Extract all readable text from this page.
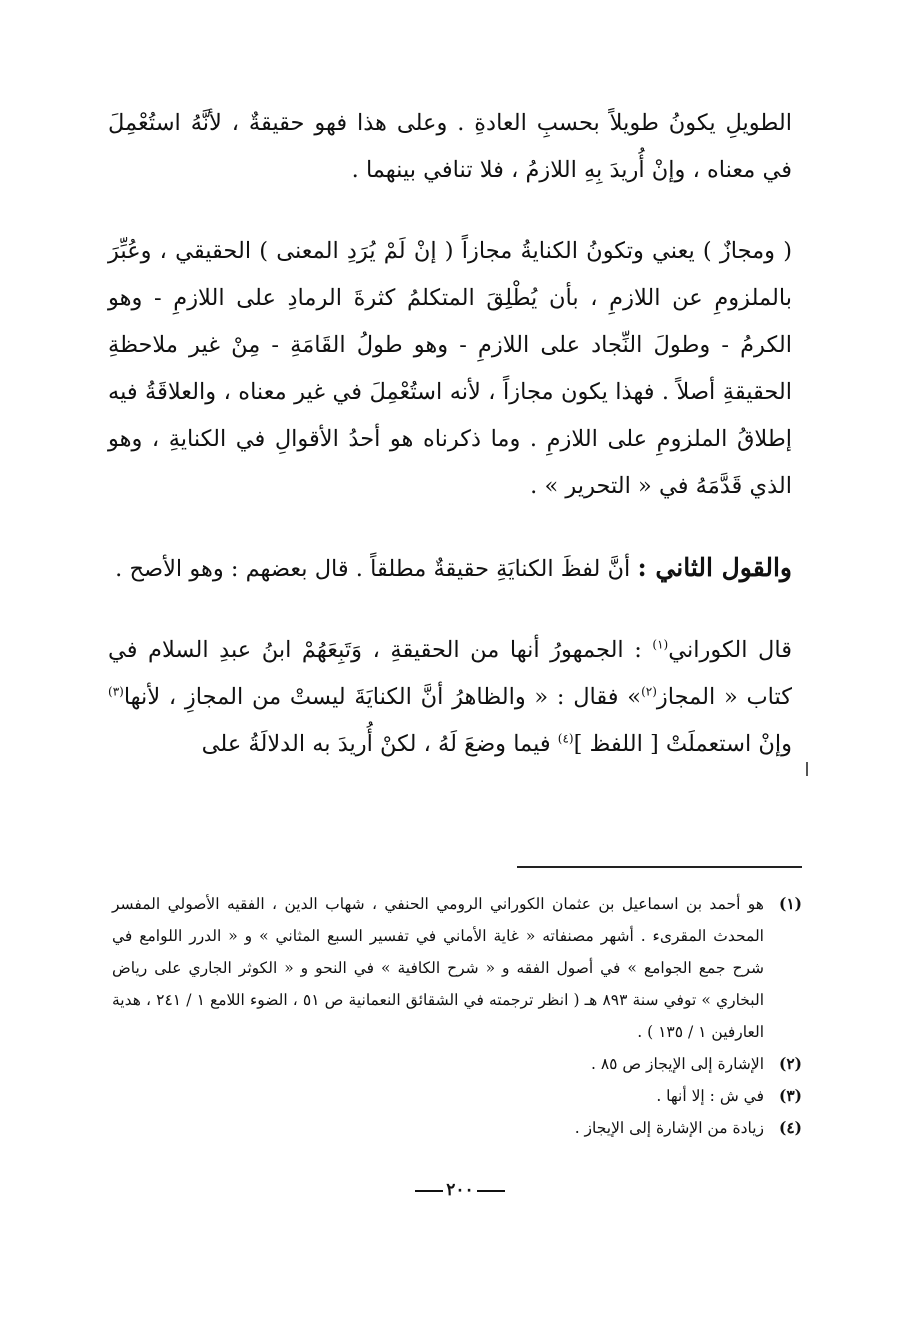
الطويلِ يكونُ طويلاً بحسبِ العادةِ . وعلى هذا فهو حقيقةٌ ، لأنَّهُ استُعْمِلَ في معناه ، وإنْ أُريدَ بِهِ اللازمُ ، فلا تنافي بينهما .

( ومجازٌ ) يعني وتكونُ الكنايةُ مجازاً ( إنْ لَمْ يُرَدِ المعنى ) الحقيقي ، وعُبِّرَ بالملزومِ عن اللازمِ ، بأن يُطْلِقَ المتكلمُ كثرةَ الرمادِ على اللازمِ - وهو الكرمُ - وطولَ النِّجاد على اللازمِ - وهو طولُ القَامَةِ - مِنْ غير ملاحظةِ الحقيقةِ أصلاً . فهذا يكون مجازاً ، لأنه استُعْمِلَ في غير معناه ، والعلاقَةُ فيه إطلاقُ الملزومِ على اللازمِ . وما ذكرناه هو أحدُ الأقوالِ في الكنايةِ ، وهو الذي قَدَّمَهُ في « التحرير » .

والقول الثاني : أنَّ لفظَ الكنايَةِ حقيقةٌ مطلقاً . قال بعضهم : وهو الأصح .

قال الكوراني$^{(١)}$ : الجمهورُ أنها من الحقيقةِ ، وَتَبِعَهُمْ ابنُ عبدِ السلام في كتاب « المجاز$^{(٢)}$» فقال : « والظاهرُ أنَّ الكنايَةَ ليستْ من المجازِ ، لأنها$^{(٣)}$ وإنْ استعملَتْ [ اللفظ ]$^{(٤)}$ فيما وضعَ لَهُ ، لكنْ أُريدَ به الدلالَةُ على

(١)
هو أحمد بن اسماعيل بن عثمان الكوراني الرومي الحنفي ، شهاب الدين ، الفقيه الأصولي المفسر المحدث المقرىء . أشهر مصنفاته « غاية الأماني في تفسير السبع المثاني » و « الدرر اللوامع في شرح جمع الجوامع » في أصول الفقه و « شرح الكافية » في النحو و « الكوثر الجاري على رياض البخاري » توفي سنة ٨٩٣ هـ ( انظر ترجمته في الشقائق النعمانية ص ٥١ ، الضوء اللامع ١ / ٢٤١ ، هدية العارفين ١ / ١٣٥ ) .
(٢)
الإشارة إلى الإيجاز ص ٨٥ .
(٣)
في ش : إلا أنها .
(٤)
زيادة من الإشارة إلى الإيجاز .
٢٠٠
